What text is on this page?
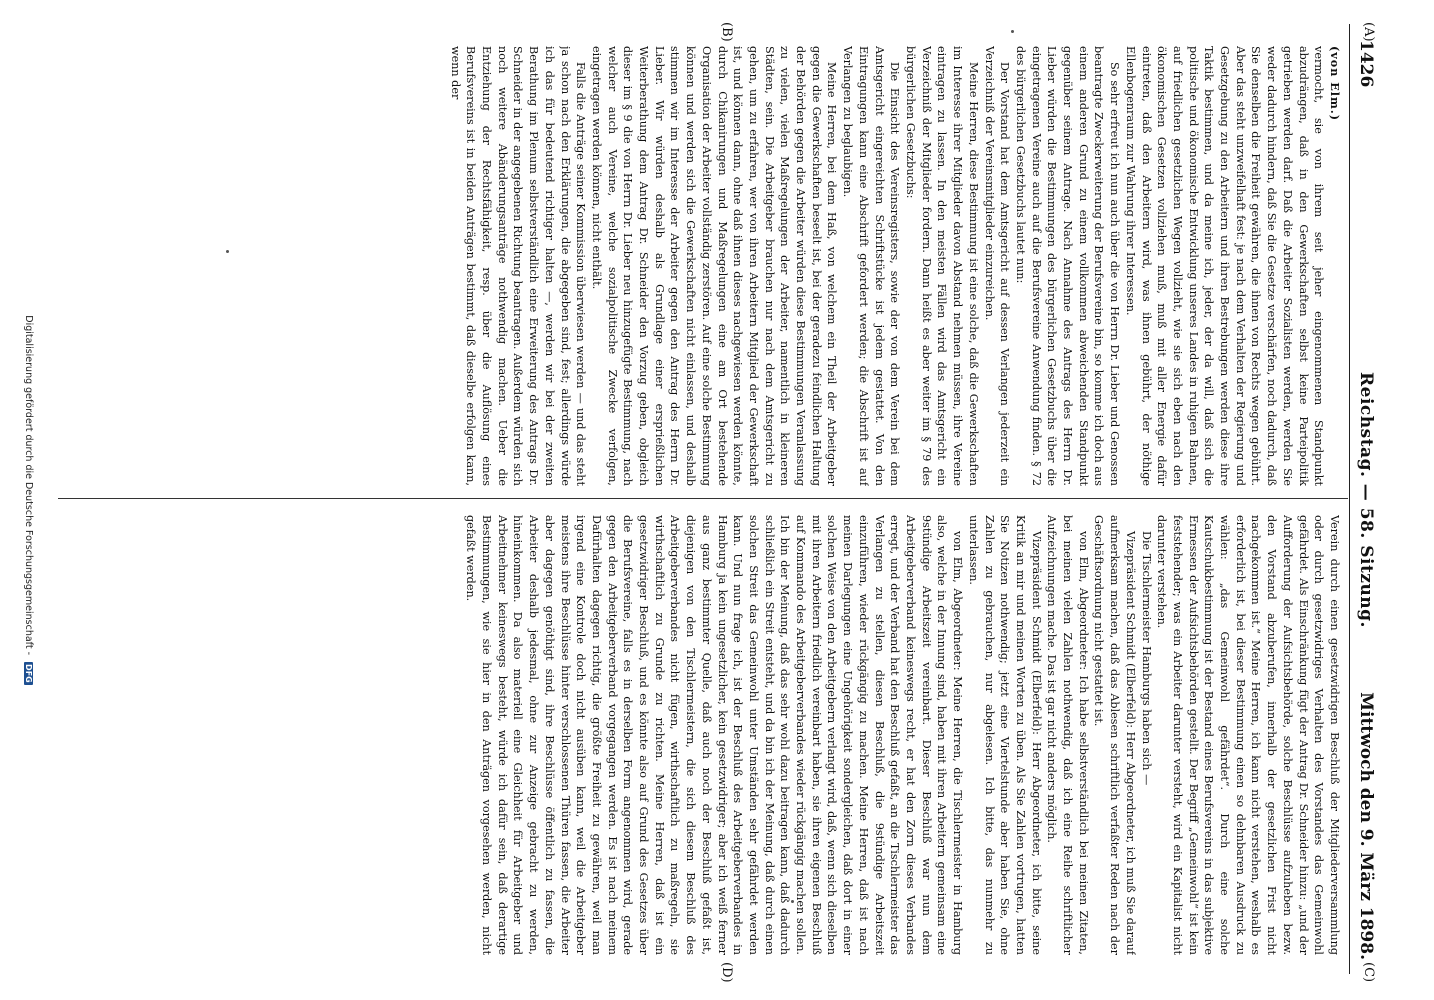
(A)
(B)
(C)
(D)
1426
Reichstag. — 58. Sitzung.
Mittwoch den 9. März 1898.

(von Elm.)

vermocht, sie von ihrem seit jeher eingenommenen Standpunkt abzudrängen, daß in den Gewerkschaften selbst keine Parteipolitik getrieben werden darf. Daß die Arbeiter Sozialisten werden, werden Sie weder dadurch hindern, daß Sie die Gesetze verschärfen, noch dadurch, daß Sie denselben die Freiheit gewähren, die ihnen von Rechts wegen gebührt. Aber das steht unzweifelhaft fest: je nach dem Verhalten der Regierung und Gesetzgebung zu den Arbeitern und ihren Bestrebungen werden diese ihre Taktik bestimmen, und da meine ich, jeder, der da will, daß sich die politische und ökonomische Entwicklung unseres Landes in ruhigen Bahnen, auf friedlichen gesetzlichen Wegen vollzieht, wie sie sich eben nach den ökonomischen Gesetzen vollziehen muß, muß mit aller Energie dafür eintreten, daß den Arbeitern wird, was ihnen gebührt, der nöthige Ellenbogenraum zur Wahrung ihrer Interessen.

So sehr erfreut ich nun auch über die von Herrn Dr. Lieber und Genossen beantragte Zweckerweiterung der Berufsvereine bin, so komme ich doch aus einem anderen Grund zu einem vollkommen abweichenden Standpunkt gegenüber seinem Antrage. Nach Annahme des Antrags des Herrn Dr. Lieber würden die Bestimmungen des bürgerlichen Gesetzbuchs über die eingetragenen Vereine auch auf die Berufsvereine Anwendung finden. § 72 des bürgerlichen Gesetzbuchs lautet nun:

Der Vorstand hat dem Amtsgericht auf dessen Verlangen jederzeit ein Verzeichniß der Vereinsmitglieder einzureichen.

Meine Herren, diese Bestimmung ist eine solche, daß die Gewerkschaften im Interesse ihrer Mitglieder davon Abstand nehmen müssen, ihre Vereine eintragen zu lassen. In den meisten Fällen wird das Amtsgericht ein Verzeichniß der Mitglieder fordern. Dann heißt es aber weiter im § 79 des bürgerlichen Gesetzbuchs:

Die Einsicht des Vereinsregisters, sowie der von dem Verein bei dem Amtsgericht eingereichten Schriftstücke ist jedem gestattet. Von den Eintragungen kann eine Abschrift gefordert werden; die Abschrift ist auf Verlangen zu beglaubigen.

Meine Herren, bei dem Haß, von welchem ein Theil der Arbeitgeber gegen die Gewerkschaften beseelt ist, bei der geradezu feindlichen Haltung der Behörden gegen die Arbeiter würden diese Bestimmungen Veranlassung zu vielen, vielen Maßregelungen der Arbeiter, namentlich in kleineren Städten, sein. Die Arbeitgeber brauchen nur nach dem Amtsgericht zu gehen, um zu erfahren, wer von ihren Arbeitern Mitglied der Gewerkschaft ist, und können dann, ohne daß ihnen dieses nachgewiesen werden könnte, durch Chikanirungen und Maßregelungen eine am Ort bestehende Organisation der Arbeiter vollständig zerstören. Auf eine solche Bestimmung können und werden sich die Gewerkschaften nicht einlassen, und deshalb stimmen wir im Interesse der Arbeiter gegen den Antrag des Herrn Dr. Lieber. Wir würden deshalb als Grundlage einer ersprießlichen Weiterberathung dem Antrag Dr. Schneider den Vorzug geben, obgleich dieser im § 9 die von Herrn Dr. Lieber neu hinzugefügte Bestimmung, nach welcher auch Vereine, welche sozialpolitische Zwecke verfolgen, eingetragen werden können, nicht enthält.

Falls die Anträge seiner Kommission überwiesen werden — und das steht ja schon nach den Erklärungen, die abgegeben sind, fest; allerdings würde ich das für bedeutend richtiger halten —, werden wir bei der zweiten Berathung im Plenum selbstverständlich eine Erweiterung des Antrags Dr. Schneider in der angegebenen Richtung beantragen. Außerdem würden sich noch weitere Abänderungsanträge nothwendig machen. Ueber die Entziehung der Rechtsfähigkeit, resp. über die Auflösung eines Berufsvereins ist in beiden Anträgen bestimmt, daß dieselbe erfolgen kann, wenn der

Verein durch einen gesetzwidrigen Beschluß der Mitgliederversammlung oder durch gesetzwidriges Verhalten des Vorstandes das Gemeinwohl gefährdet. Als Einschränkung fügt der Antrag Dr. Schneider hinzu: „und der Aufforderung der Aufsichtsbehörde, solche Beschlüsse aufzuheben bezw. den Vorstand abzuberufen, innerhalb der gesetzlichen Frist nicht nachgekommen ist.“ Meine Herren, ich kann nicht verstehen, weshalb es erforderlich ist, bei dieser Bestimmung einen so dehnbaren Ausdruck zu wählen: „das Gemeinwohl gefährdet“. Durch eine solche Kautschukbestimmung ist der Bestand eines Berufsvereins in das subjektive Ermessen der Aufsichtsbehörden gestellt. Der Begriff „Gemeinwohl“ ist kein feststehender; was ein Arbeiter darunter versteht, wird ein Kapitalist nicht darunter verstehen.

Die Tischlermeister Hamburgs haben sich —

Vizepräsident Schmidt (Elberfeld): Herr Abgeordneter, ich muß Sie darauf aufmerksam machen, daß das Ablesen schriftlich verfaßter Reden nach der Geschäftsordnung nicht gestattet ist.

von Elm, Abgeordneter: Ich habe selbstverständlich bei meinen Zitaten, bei meinen vielen Zahlen nothwendig, daß ich eine Reihe schriftlicher Aufzeichnungen mache. Das ist gar nicht anders möglich.

Vizepräsident Schmidt (Elberfeld): Herr Abgeordneter, ich bitte, seine Kritik an mir und meinen Worten zu üben. Als Sie Zahlen vortrugen, hatten Sie Notizen nothwendig; jetzt eine Viertelstunde aber haben Sie, ohne Zahlen zu gebrauchen, nur abgelesen. Ich bitte, das nunmehr zu unterlassen.

von Elm, Abgeordneter: Meine Herren, die Tischlermeister in Hamburg also, welche in der Innung sind, haben mit ihren Arbeitern gemeinsam eine 9stündige Arbeitszeit vereinbart. Dieser Beschluß war nun dem Arbeitgeberverband keineswegs recht, er hat den Zorn dieses Verbandes erregt, und der Verband hat den Beschluß gefaßt, an die Tischlermeister das Verlangen zu stellen, diesen Beschluß, die 9stündige Arbeitszeit einzuführen, wieder rückgängig zu machen. Meine Herren, daß ist nach meinen Darlegungen eine Ungehörigkeit sondergleichen, daß dort in einer solchen Weise von den Arbeitgebern verlangt wird, daß, wenn sich dieselben mit ihren Arbeitern friedlich vereinbart haben, sie ihren eigenen Beschluß auf Kommando des Arbeitgeberverbandes wieder rückgängig machen sollen. Ich bin der Meinung, daß das sehr wohl dazu beitragen kann, daß dadurch schließlich ein Streit entsteht, und da bin ich der Meinung, daß durch einen solchen Streit das Gemeinwohl unter Umständen sehr gefährdet werden kann. Und nun frage ich, ist der Beschluß des Arbeitgeberverbandes in Hamburg ja kein ungesetzlicher, kein gesetzwidriger; aber ich weiß ferner aus ganz bestimmter Quelle, daß auch noch der Beschluß gefaßt ist, diejenigen von den Tischlermeistern, die sich diesem Beschluß des Arbeitgeberverbandes nicht fügen, wirthschaftlich zu maßregeln, sie wirthschaftlich zu Grunde zu richten. Meine Herren, daß ist ein gesetzwidriger Beschluß, und es könnte also auf Grund des Gesetzes über die Berufsvereine, falls es in derselben Form angenommen wird, gerade gegen den Arbeitgeberverband vorgegangen werden. Es ist nach meinem Dafürhalten dagegen richtig, die größte Freiheit zu gewähren, weil man irgend eine Kontrole doch nicht ausüben kann, weil die Arbeitgeber meistens ihre Beschlüsse hinter verschlossenen Thüren fassen, die Arbeiter aber dagegen genöthigt sind, ihre Beschlüsse öffentlich zu fassen, die Arbeiter deshalb jedesmal, ohne zur Anzeige gebracht zu werden, hineinkommen. Da also materiell eine Gleichheit für Arbeitgeber und Arbeitnehmer keineswegs besteht, würde ich dafür sein, daß derartige Bestimmungen, wie sie hier in den Anträgen vorgesehen werden, nicht gefaßt werden.

Digitalisierung gefördert durch die Deutsche Forschungsgemeinschaft - DFG
